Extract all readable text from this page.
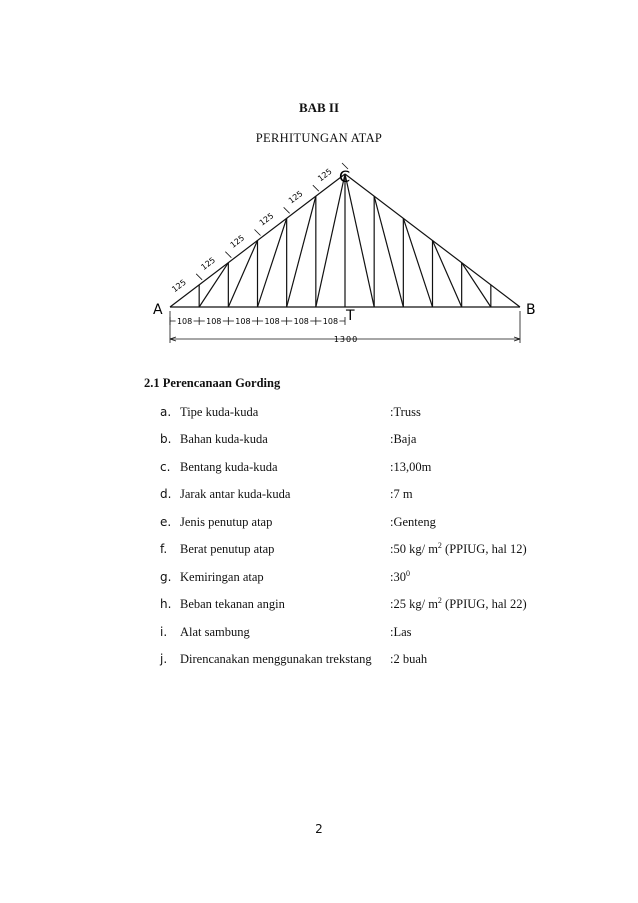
BAB II
PERHITUNGAN ATAP
125
125
125
125
125
125
108 108 108 108 108 108
A	B
C
T
1300
2.1 Perencanaan Gording
a. Tipe kuda-kuda	:Truss
b. Bahan kuda-kuda	:Baja
c. Bentang kuda-kuda	:13,00m
d. Jarak antar kuda-kuda	:7 m
e. Jenis penutup atap	:Genteng
f. Berat penutup atap	:50 kg/ $m^2$ (PPIUG, hal 12)
g. Kemiringan atap	$:30^0$
h. Beban tekanan angin	:25 kg/ $m^2$ (PPIUG, hal 22)
i. Alat sambung	:Las
j. Direncanakan menggunakan trekstang :2 buah
2
